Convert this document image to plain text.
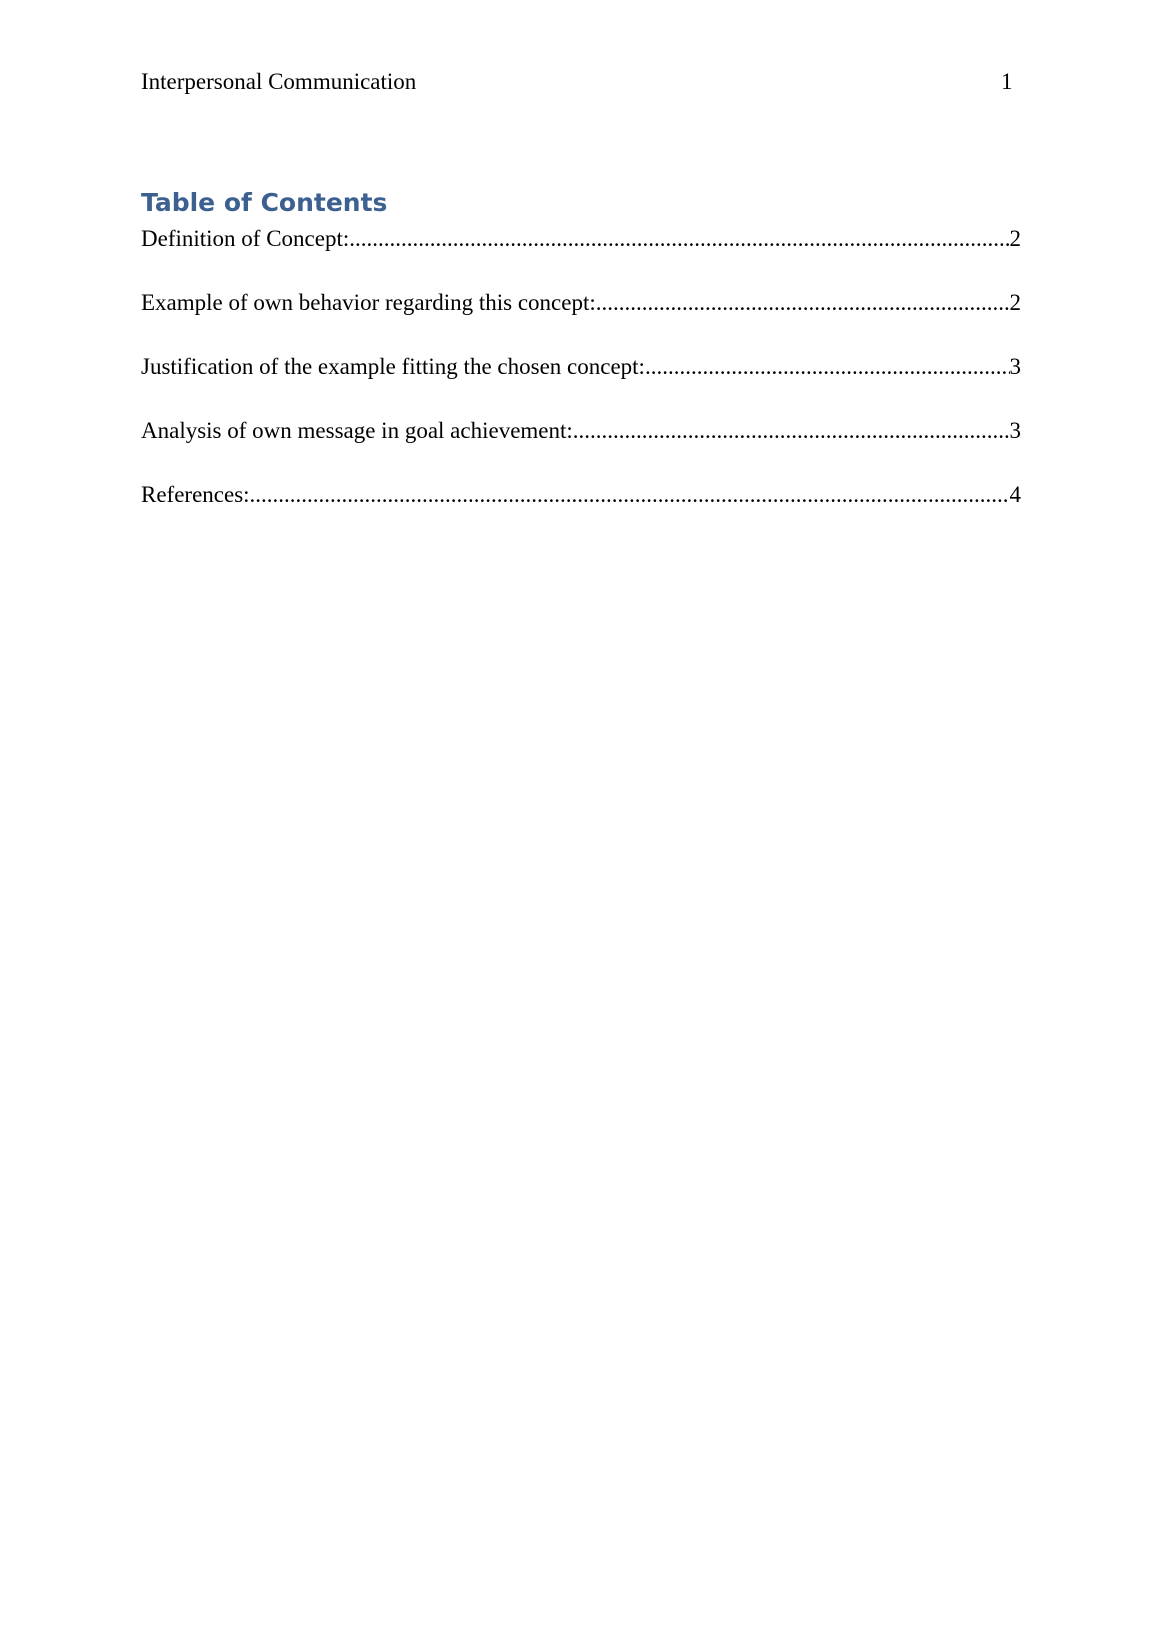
Interpersonal Communication	1
Table of Contents
Definition of Concept: .....	2
Example of own behavior regarding this concept: .....	2
Justification of the example fitting the chosen concept: .....	3
Analysis of own message in goal achievement: .....	3
References: .....	4
